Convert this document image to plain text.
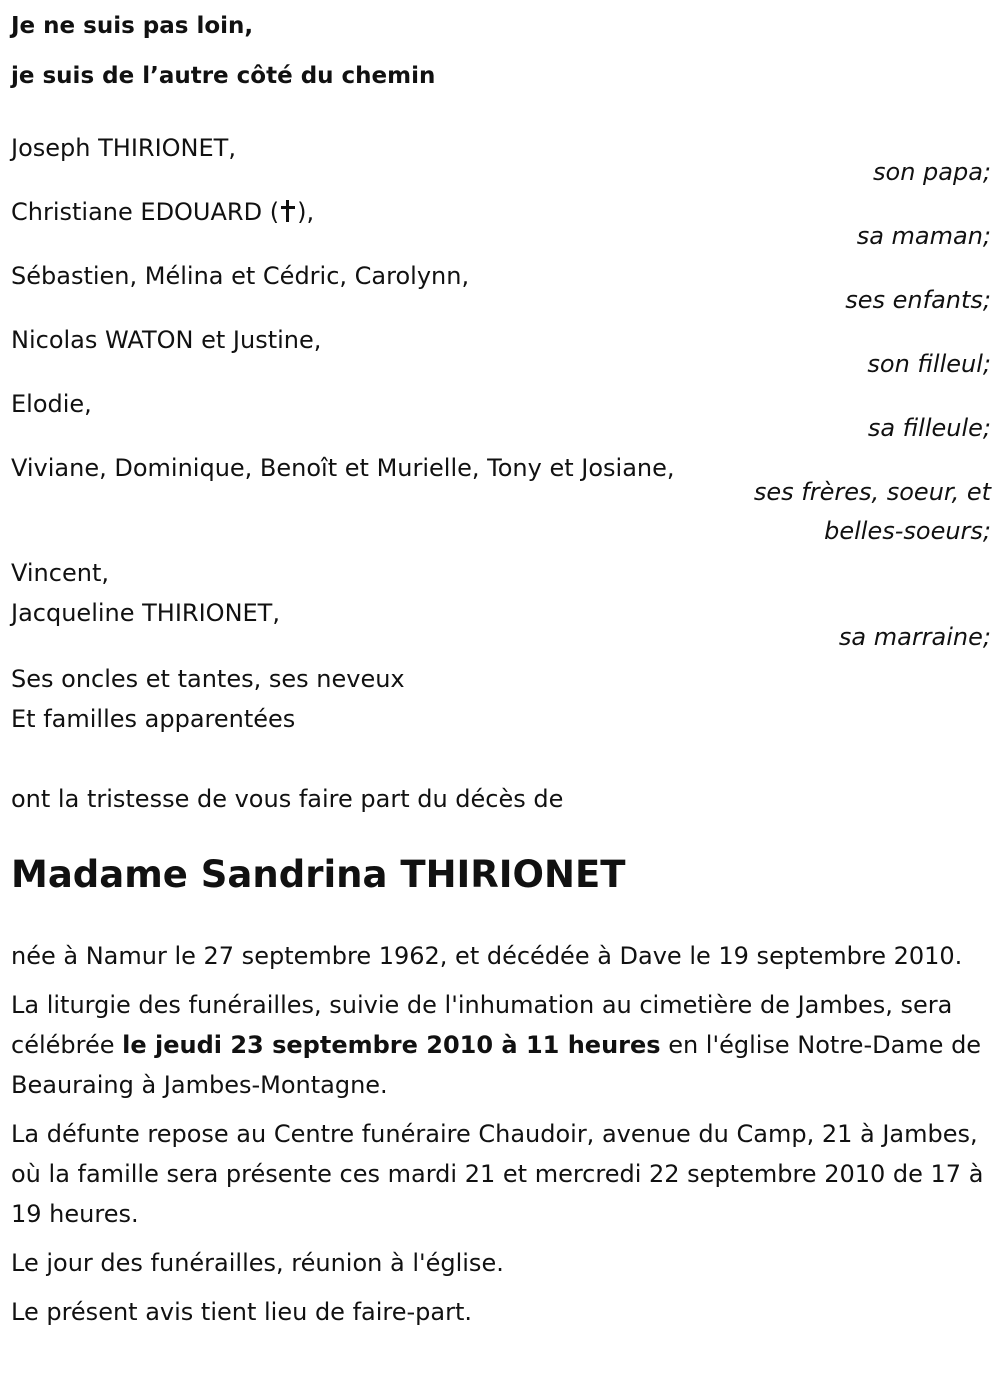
Je ne suis pas loin,
je suis de l’autre côté du chemin
Joseph THIRIONET,
son papa;
Christiane EDOUARD ( ),
sa maman;
Sébastien, Mélina et Cédric, Carolynn,
ses enfants;
Nicolas WATON et Justine,
son filleul;
Elodie,
sa filleule;
Viviane, Dominique, Benoît et Murielle, Tony et Josiane,
ses frères, soeur, et
belles-soeurs;
Vincent,
Jacqueline THIRIONET,
sa marraine;
Ses oncles et tantes, ses neveux
Et familles apparentées
ont la tristesse de vous faire part du décès de
Madame Sandrina THIRIONET

née à Namur le 27 septembre 1962, et décédée à Dave le 19 septembre 2010.

La liturgie des funérailles, suivie de l'inhumation au cimetière de Jambes, sera célébrée le jeudi 23 septembre 2010 à 11 heures en l'église Notre-Dame de Beauraing à Jambes-Montagne.

La défunte repose au Centre funéraire Chaudoir, avenue du Camp, 21 à Jambes, où la famille sera présente ces mardi 21 et mercredi 22 septembre 2010 de 17 à 19 heures.

Le jour des funérailles, réunion à l'église.

Le présent avis tient lieu de faire-part.
